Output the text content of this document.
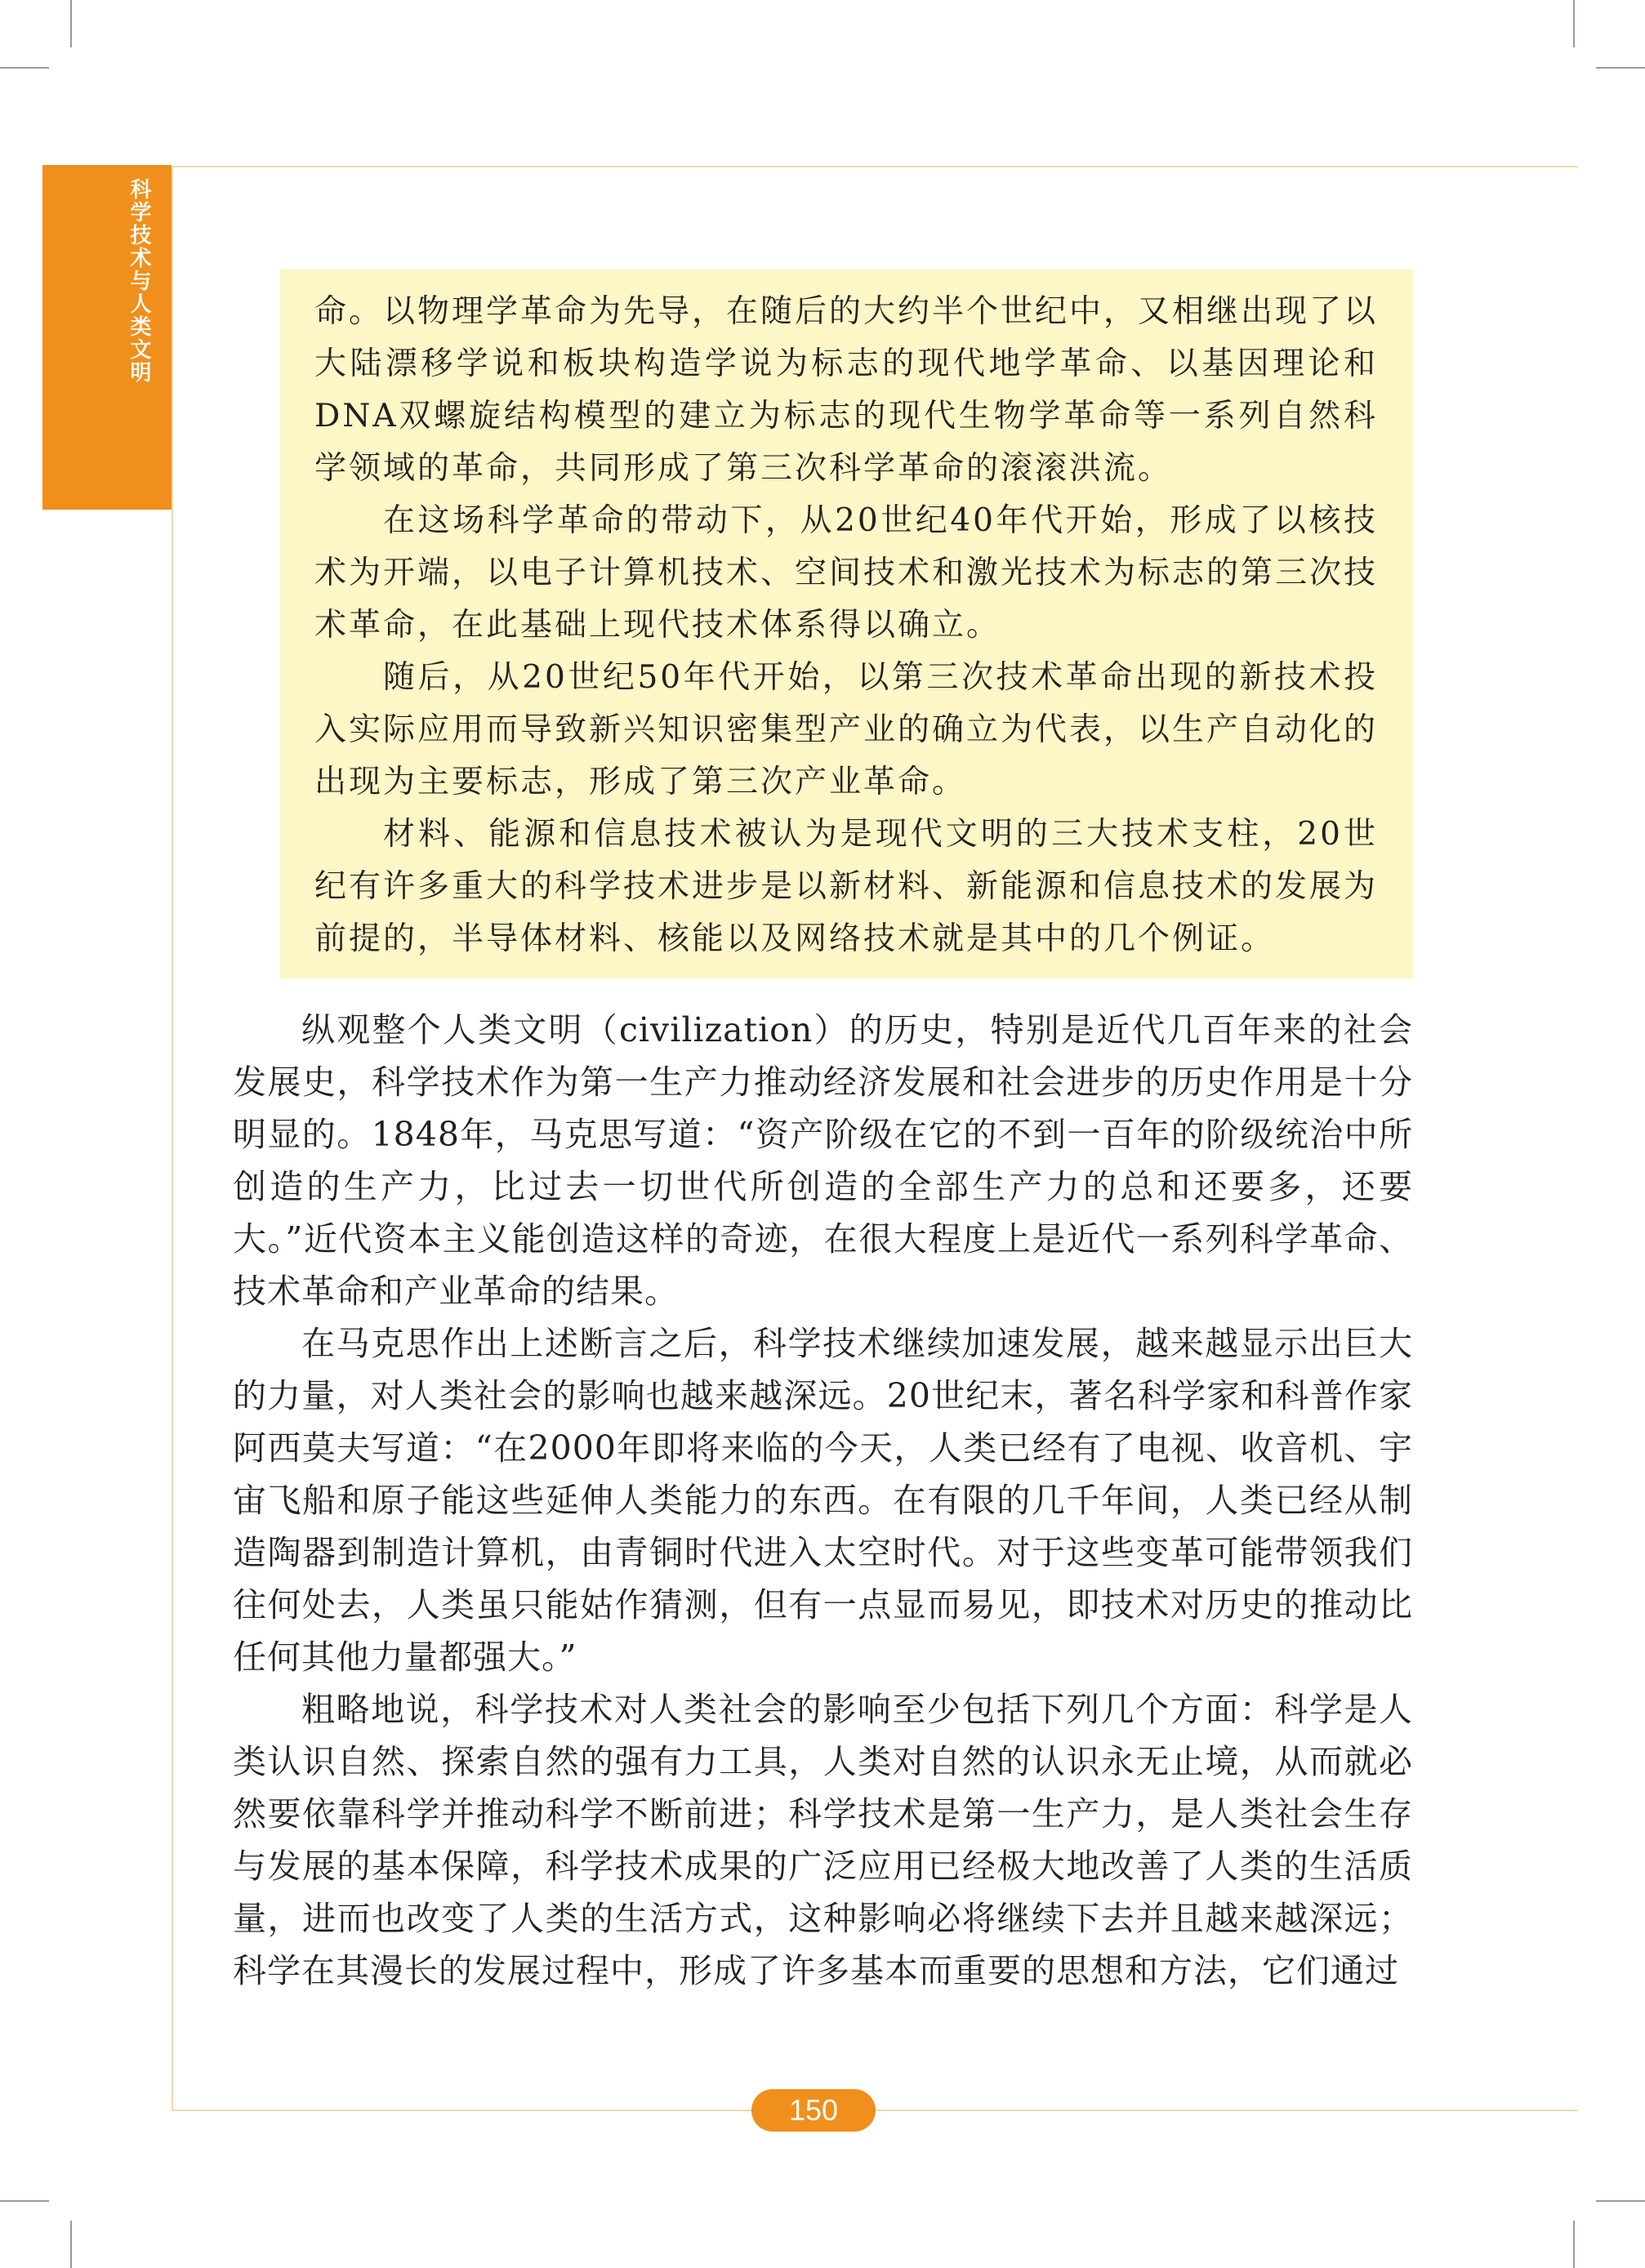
科学技术与人类文明	命。以物理学革命为先导，在随后的大约半个世纪中，又相继出现了以大陆漂移学说和板块构造学说为标志的现代地学革命、以基因理论和DNA双螺旋结构模型的建立为标志的现代生物学革命等一系列自然科学领域的革命，共同形成了第三次科学革命的滚滚洪流。

在这场科学革命的带动下，从20世纪40年代开始，形成了以核技术为开端，以电子计算机技术、空间技术和激光技术为标志的第三次技术革命，在此基础上现代技术体系得以确立。

随后，从20世纪50年代开始，以第三次技术革命出现的新技术投入实际应用而导致新兴知识密集型产业的确立为代表，以生产自动化的出现为主要标志，形成了第三次产业革命。

材料、能源和信息技术被认为是现代文明的三大技术支柱，20世纪有许多重大的科学技术进步是以新材料、新能源和信息技术的发展为前提的，半导体材料、核能以及网络技术就是其中的几个例证。

纵观整个人类文明（civilization）的历史，特别是近代几百年来的社会发展史，科学技术作为第一生产力推动经济发展和社会进步的历史作用是十分明显的。1848年，马克思写道：“资产阶级在它的不到一百年的阶级统治中所创造的生产力，比过去一切世代所创造的全部生产力的总和还要多，还要大。”近代资本主义能创造这样的奇迹，在很大程度上是近代一系列科学革命、技术革命和产业革命的结果。

在马克思作出上述断言之后，科学技术继续加速发展，越来越显示出巨大的力量，对人类社会的影响也越来越深远。20世纪末，著名科学家和科普作家阿西莫夫写道：“在2000年即将来临的今天，人类已经有了电视、收音机、宇宙飞船和原子能这些延伸人类能力的东西。在有限的几千年间，人类已经从制造陶器到制造计算机，由青铜时代进入太空时代。对于这些变革可能带领我们往何处去，人类虽只能姑作猜测，但有一点显而易见，即技术对历史的推动比任何其他力量都强大。”

粗略地说，科学技术对人类社会的影响至少包括下列几个方面：科学是人类认识自然、探索自然的强有力工具，人类对自然的认识永无止境，从而就必然要依靠科学并推动科学不断前进；科学技术是第一生产力，是人类社会生存与发展的基本保障，科学技术成果的广泛应用已经极大地改善了人类的生活质量，进而也改变了人类的生活方式，这种影响必将继续下去并且越来越深远；科学在其漫长的发展过程中，形成了许多基本而重要的思想和方法，它们通过

150
